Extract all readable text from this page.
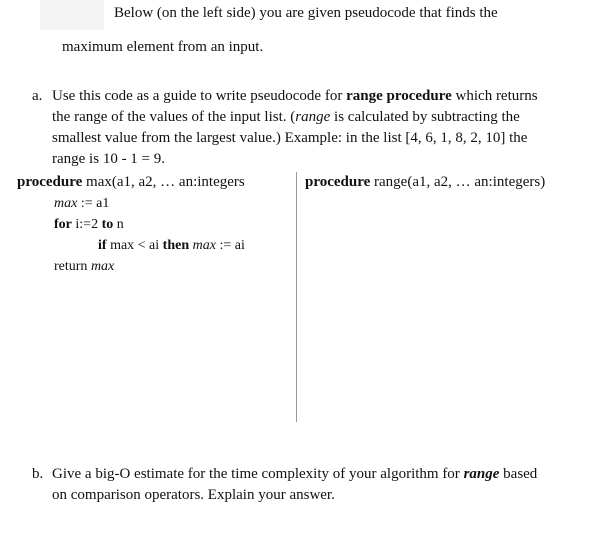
Below (on the left side) you are given pseudocode that finds the
maximum element from an input.
a. Use this code as a guide to write pseudocode for range procedure which returns
the range of the values of the input list. (range is calculated by subtracting the
smallest value from the largest value.) Example: in the list [4, 6, 1, 8, 2, 10] the
range is 10 - 1 = 9.
procedure max(a1, a2, … an:integers
max := a1
for i:=2 to n
if max < ai then max := ai
return max
procedure range(a1, a2, … an:integers)
b. Give a big-O estimate for the time complexity of your algorithm for range based
on comparison operators. Explain your answer.
